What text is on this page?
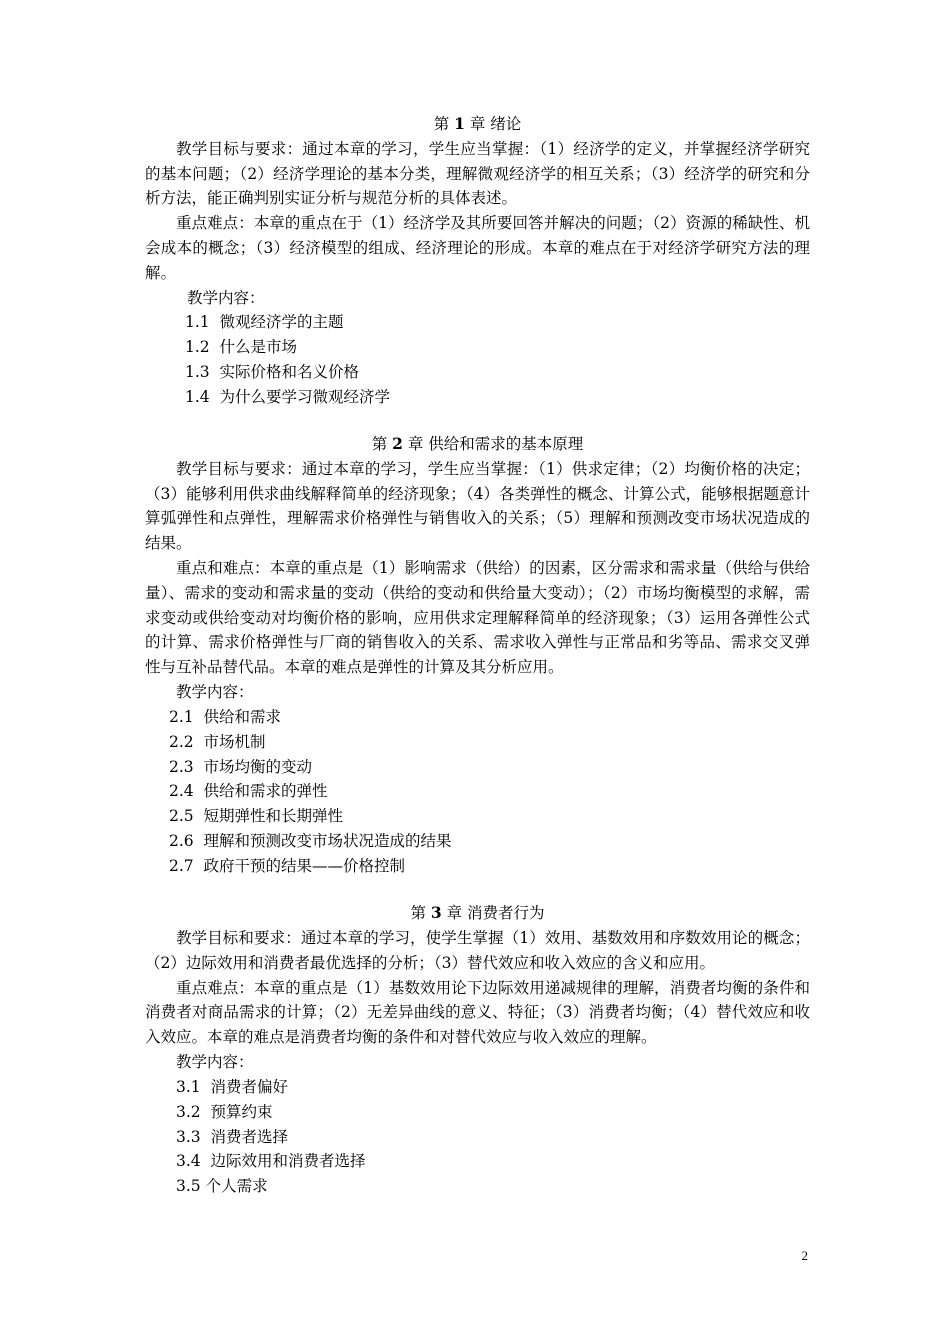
第 1 章 绪论

教学目标与要求：通过本章的学习，学生应当掌握：（1）经济学的定义，并掌握经济学研究的基本问题；（2）经济学理论的基本分类，理解微观经济学的相互关系；（3）经济学的研究和分析方法，能正确判别实证分析与规范分析的具体表述。

重点难点：本章的重点在于（1）经济学及其所要回答并解决的问题；（2）资源的稀缺性、机会成本的概念；（3）经济模型的组成、经济理论的形成。本章的难点在于对经济学研究方法的理解。

教学内容：

1.1 微观经济学的主题
1.2 什么是市场
1.3 实际价格和名义价格
1.4 为什么要学习微观经济学
第 2 章 供给和需求的基本原理

教学目标与要求：通过本章的学习，学生应当掌握：（1）供求定律；（2）均衡价格的决定；（3）能够利用供求曲线解释简单的经济现象；（4）各类弹性的概念、计算公式，能够根据题意计算弧弹性和点弹性，理解需求价格弹性与销售收入的关系；（5）理解和预测改变市场状况造成的结果。

重点和难点：本章的重点是（1）影响需求（供给）的因素，区分需求和需求量（供给与供给量）、需求的变动和需求量的变动（供给的变动和供给量大变动）；（2）市场均衡模型的求解，需求变动或供给变动对均衡价格的影响，应用供求定理解释简单的经济现象；（3）运用各弹性公式的计算、需求价格弹性与厂商的销售收入的关系、需求收入弹性与正常品和劣等品、需求交叉弹性与互补品替代品。本章的难点是弹性的计算及其分析应用。

教学内容：

2.1 供给和需求
2.2 市场机制
2.3 市场均衡的变动
2.4 供给和需求的弹性
2.5 短期弹性和长期弹性
2.6 理解和预测改变市场状况造成的结果
2.7 政府干预的结果——价格控制
第 3 章 消费者行为

教学目标和要求：通过本章的学习，使学生掌握（1）效用、基数效用和序数效用论的概念；（2）边际效用和消费者最优选择的分析；（3）替代效应和收入效应的含义和应用。

重点难点：本章的重点是（1）基数效用论下边际效用递减规律的理解，消费者均衡的条件和消费者对商品需求的计算；（2）无差异曲线的意义、特征；（3）消费者均衡；（4）替代效应和收入效应。本章的难点是消费者均衡的条件和对替代效应与收入效应的理解。

教学内容：

3.1 消费者偏好
3.2 预算约束
3.3 消费者选择
3.4 边际效用和消费者选择
3.5 个人需求
2
